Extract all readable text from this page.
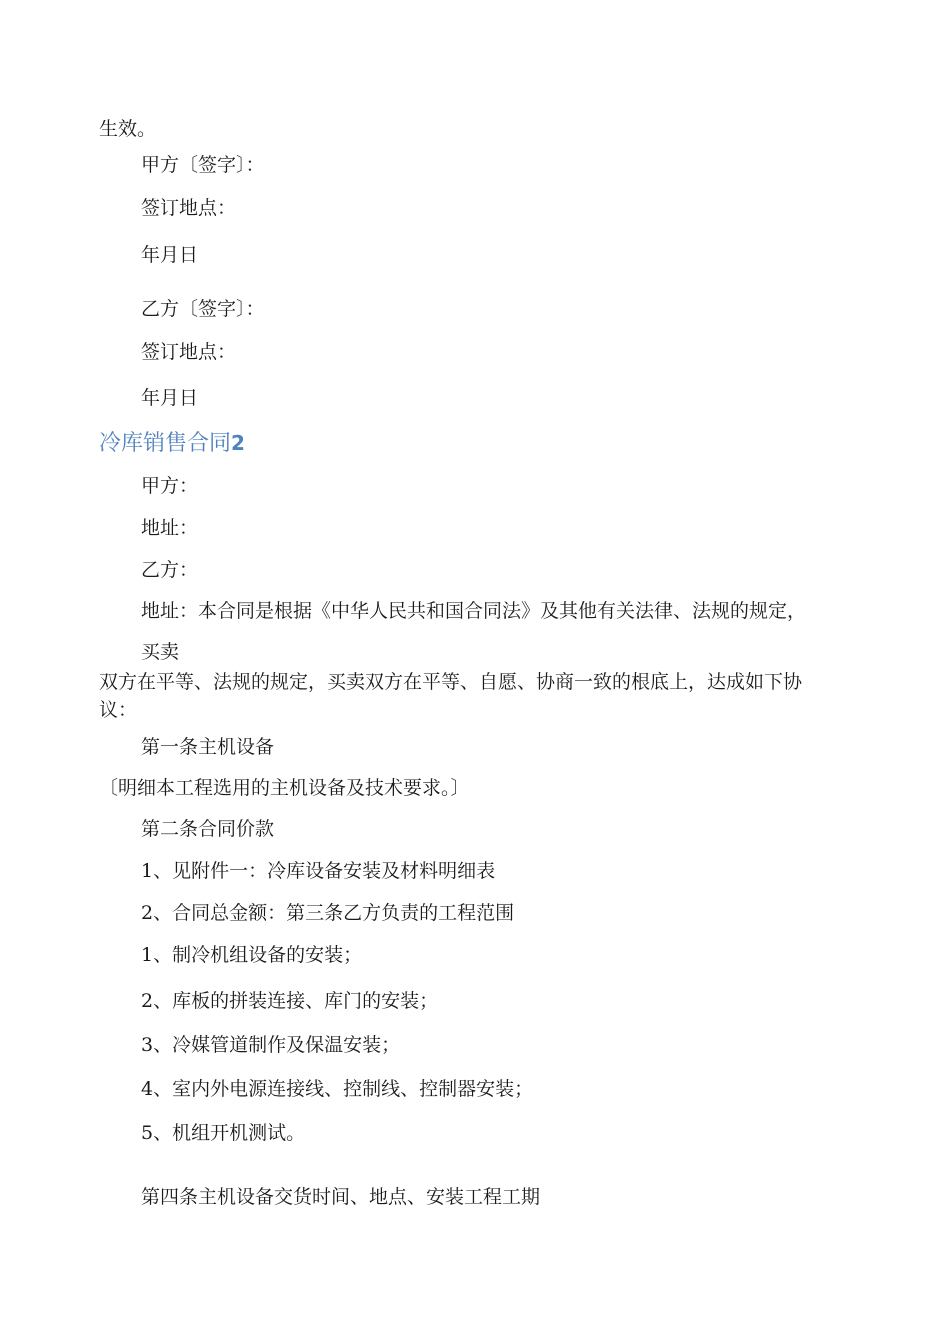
生效。
甲方〔签字〕：
签订地点：
年月日
乙方〔签字〕：
签订地点：
年月日
冷库销售合同2
甲方：
地址：
乙方：
地址：本合同是根据《中华人民共和国合同法》及其他有关法律、法规的规定，
买卖
双方在平等、法规的规定，买卖双方在平等、自愿、协商一致的根底上，达成如下协
议：
第一条主机设备
〔明细本工程选用的主机设备及技术要求。〕
第二条合同价款
1、见附件一：冷库设备安装及材料明细表
2、合同总金额：第三条乙方负责的工程范围
1、制冷机组设备的安装；
2、库板的拼装连接、库门的安装；
3、冷媒管道制作及保温安装；
4、室内外电源连接线、控制线、控制器安装；
5、机组开机测试。
第四条主机设备交货时间、地点、安装工程工期
